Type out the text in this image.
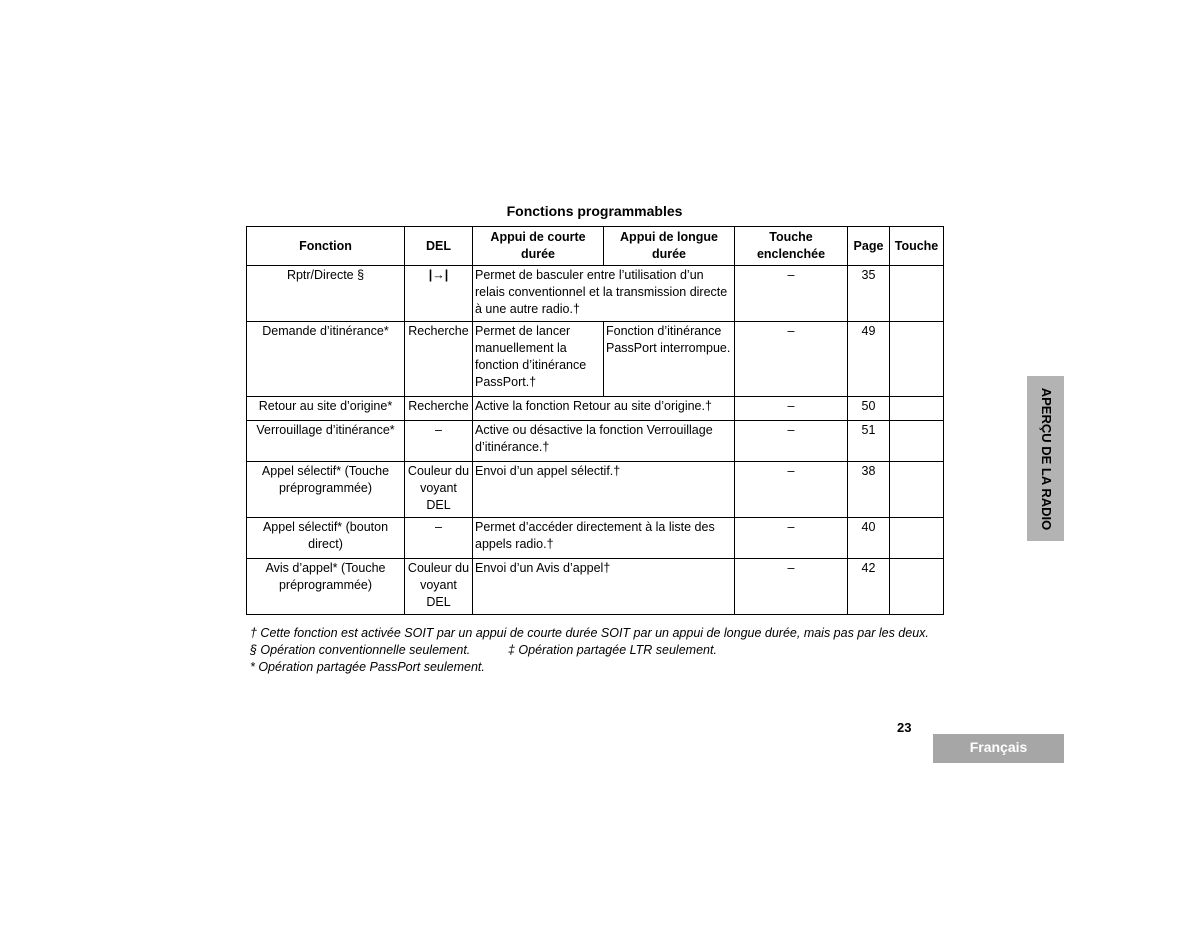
Fonctions programmables
Fonction	DEL	Appui de courte durée	Appui de longue durée	Touche enclenchée	Page	Touche
Rptr/Directe §	|→|	Permet de basculer entre l’utilisation d’un relais conventionnel et la transmission directe à une autre radio.†		–	35	
Demande d’itinérance*	Recherche	Permet de lancer manuellement la fonction d’itinérance PassPort.†	Fonction d’itinérance PassPort interrompue.	–	49	
Retour au site d’origine*	Recherche	Active la fonction Retour au site d’origine.†		–	50	
Verrouillage d’itinérance*	–	Active ou désactive la fonction Verrouillage d’itinérance.†		–	51	
Appel sélectif* (Touche préprogrammée)	Couleur du voyant DEL	Envoi d’un appel sélectif.†		–	38	
Appel sélectif* (bouton direct)	–	Permet d’accéder directement à la liste des appels radio.†		–	40	
Avis d’appel* (Touche préprogrammée)	Couleur du voyant DEL	Envoi d’un Avis d’appel†		–	42	
† Cette fonction est activée SOIT par un appui de courte durée SOIT par un appui de longue durée, mais pas par les deux.
§ Opération conventionnelle seulement.	‡ Opération partagée LTR seulement.
* Opération partagée PassPort seulement.
APERÇU DE LA RADIO
23
Français
